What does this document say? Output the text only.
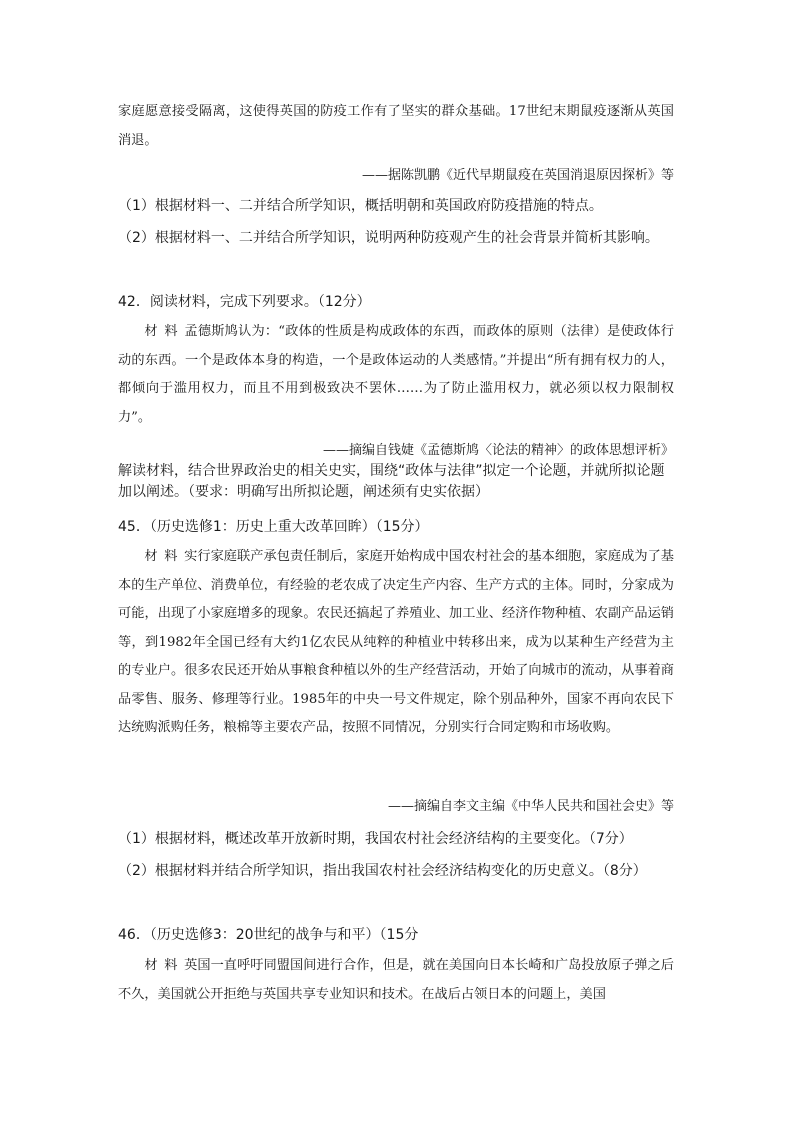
家庭愿意接受隔离，这使得英国的防疫工作有了坚实的群众基础。17世纪末期鼠疫逐渐从英国消退。
——据陈凯鹏《近代早期鼠疫在英国消退原因探析》等
（1）根据材料一、二并结合所学知识，概括明朝和英国政府防疫措施的特点。
（2）根据材料一、二并结合所学知识，说明两种防疫观产生的社会背景并简析其影响。
42．阅读材料，完成下列要求。（12分）
材料孟德斯鸠认为：“政体的性质是构成政体的东西，而政体的原则（法律）是使政体行动的东西。一个是政体本身的构造，一个是政体运动的人类感情。”并提出“所有拥有权力的人，都倾向于滥用权力，而且不用到极致决不罢休……为了防止滥用权力，就必须以权力限制权力”。
——摘编自钱婕《孟德斯鸠〈论法的精神〉的政体思想评析》
解读材料，结合世界政治史的相关史实，围绕“政体与法律”拟定一个论题，并就所拟论题加以阐述。（要求：明确写出所拟论题，阐述须有史实依据）
45．（历史选修1：历史上重大改革回眸）（15分）
材料实行家庭联产承包责任制后，家庭开始构成中国农村社会的基本细胞，家庭成为了基本的生产单位、消费单位，有经验的老农成了决定生产内容、生产方式的主体。同时，分家成为可能，出现了小家庭增多的现象。农民还搞起了养殖业、加工业、经济作物种植、农副产品运销等，到1982年全国已经有大约1亿农民从纯粹的种植业中转移出来，成为以某种生产经营为主的专业户。很多农民还开始从事粮食种植以外的生产经营活动，开始了向城市的流动，从事着商品零售、服务、修理等行业。1985年的中央一号文件规定，除个别品种外，国家不再向农民下达统购派购任务，粮棉等主要农产品，按照不同情况，分别实行合同定购和市场收购。
——摘编自李文主编《中华人民共和国社会史》等
（1）根据材料，概述改革开放新时期，我国农村社会经济结构的主要变化。（7分）
（2）根据材料并结合所学知识，指出我国农村社会经济结构变化的历史意义。（8分）
46．（历史选修3：20世纪的战争与和平）（15分
材料英国一直呼吁同盟国间进行合作，但是，就在美国向日本长崎和广岛投放原子弹之后不久，美国就公开拒绝与英国共享专业知识和技术。在战后占领日本的问题上，美国
